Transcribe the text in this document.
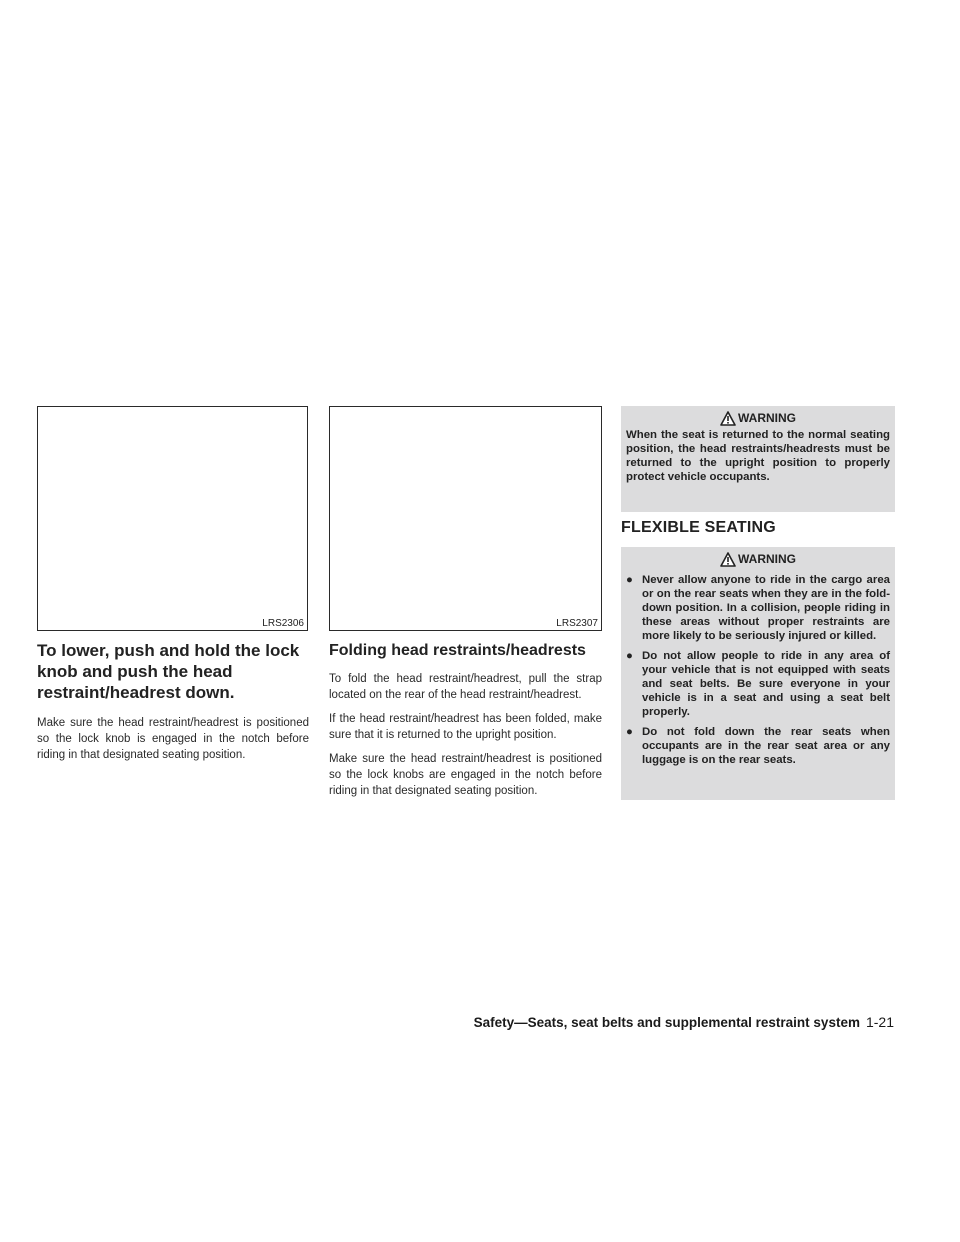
LRS2306	LRS2307
To lower, push and hold the lock knob and push the head restraint/headrest down.

Make sure the head restraint/headrest is positioned so the lock knob is engaged in the notch before riding in that designated seating position.

Folding head restraints/headrests

To fold the head restraint/headrest, pull the strap located on the rear of the head restraint/headrest.

If the head restraint/headrest has been folded, make sure that it is returned to the upright position.

Make sure the head restraint/headrest is positioned so the lock knobs are engaged in the notch before riding in that designated seating position.

WARNING

When the seat is returned to the normal seating position, the head restraints/headrests must be returned to the upright position to properly protect vehicle occupants.

FLEXIBLE SEATING
WARNING
● Never allow anyone to ride in the cargo area or on the rear seats when they are in the fold-down position. In a collision, people riding in these areas without proper restraints are more likely to be seriously injured or killed.
● Do not allow people to ride in any area of your vehicle that is not equipped with seats and seat belts. Be sure everyone in your vehicle is in a seat and using a seat belt properly.
● Do not fold down the rear seats when occupants are in the rear seat area or any luggage is on the rear seats.
Safety—Seats, seat belts and supplemental restraint system 1-21
